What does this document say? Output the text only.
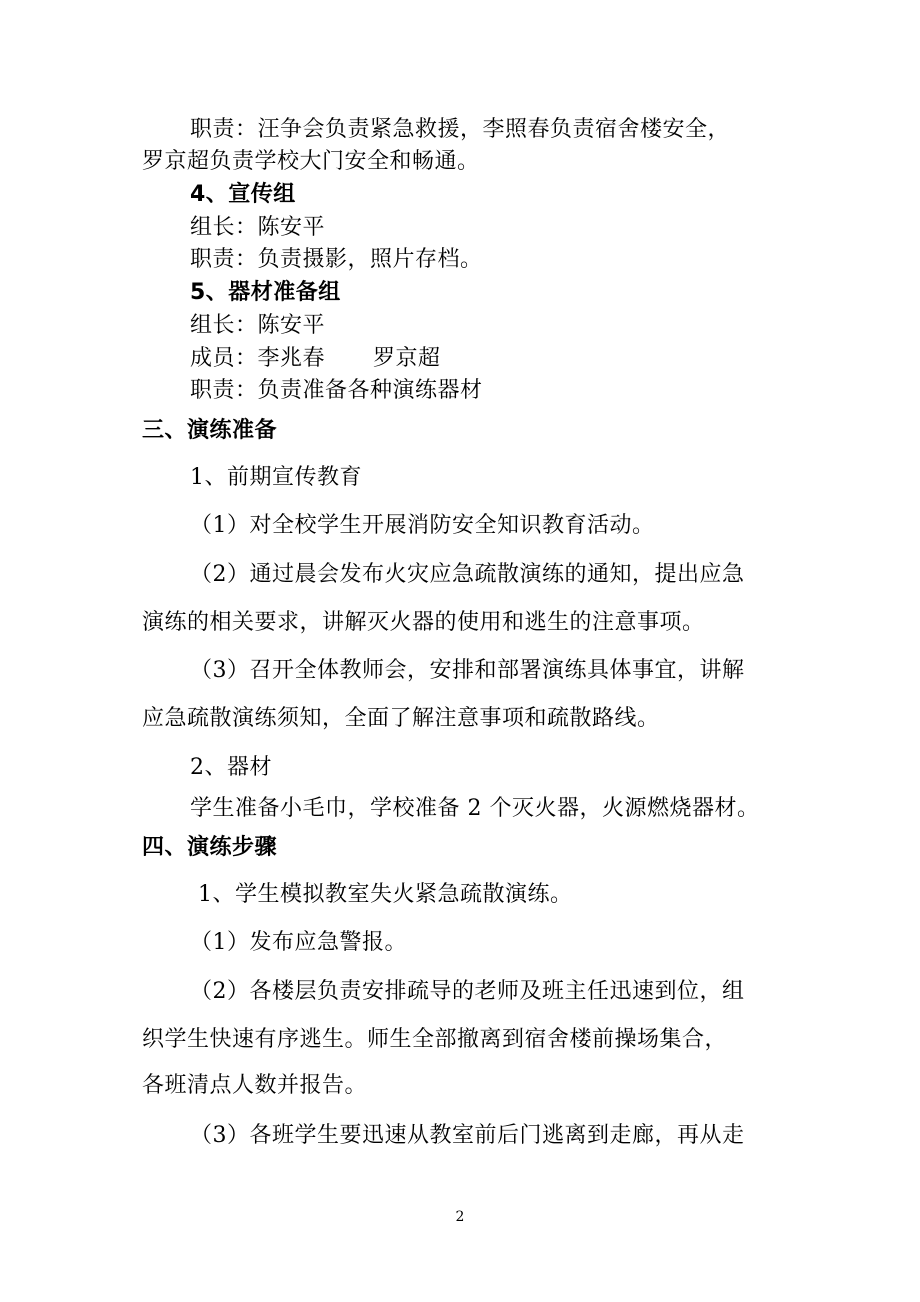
职责：汪争会负责紧急救援，李照春负责宿舍楼安全，
罗京超负责学校大门安全和畅通。
4、宣传组
组长：陈安平
职责：负责摄影，照片存档。
5、器材准备组
组长：陈安平
成员：李兆春 罗京超
职责：负责准备各种演练器材
三、演练准备
1、前期宣传教育
（1）对全校学生开展消防安全知识教育活动。
（2）通过晨会发布火灾应急疏散演练的通知，提出应急
演练的相关要求，讲解灭火器的使用和逃生的注意事项。
（3）召开全体教师会，安排和部署演练具体事宜，讲解
应急疏散演练须知，全面了解注意事项和疏散路线。
2、器材
学生准备小毛巾，学校准备 2 个灭火器，火源燃烧器材。
四、演练步骤
1、学生模拟教室失火紧急疏散演练。
（1）发布应急警报。
（2）各楼层负责安排疏导的老师及班主任迅速到位，组
织学生快速有序逃生。师生全部撤离到宿舍楼前操场集合，
各班清点人数并报告。
（3）各班学生要迅速从教室前后门逃离到走廊，再从走
2
